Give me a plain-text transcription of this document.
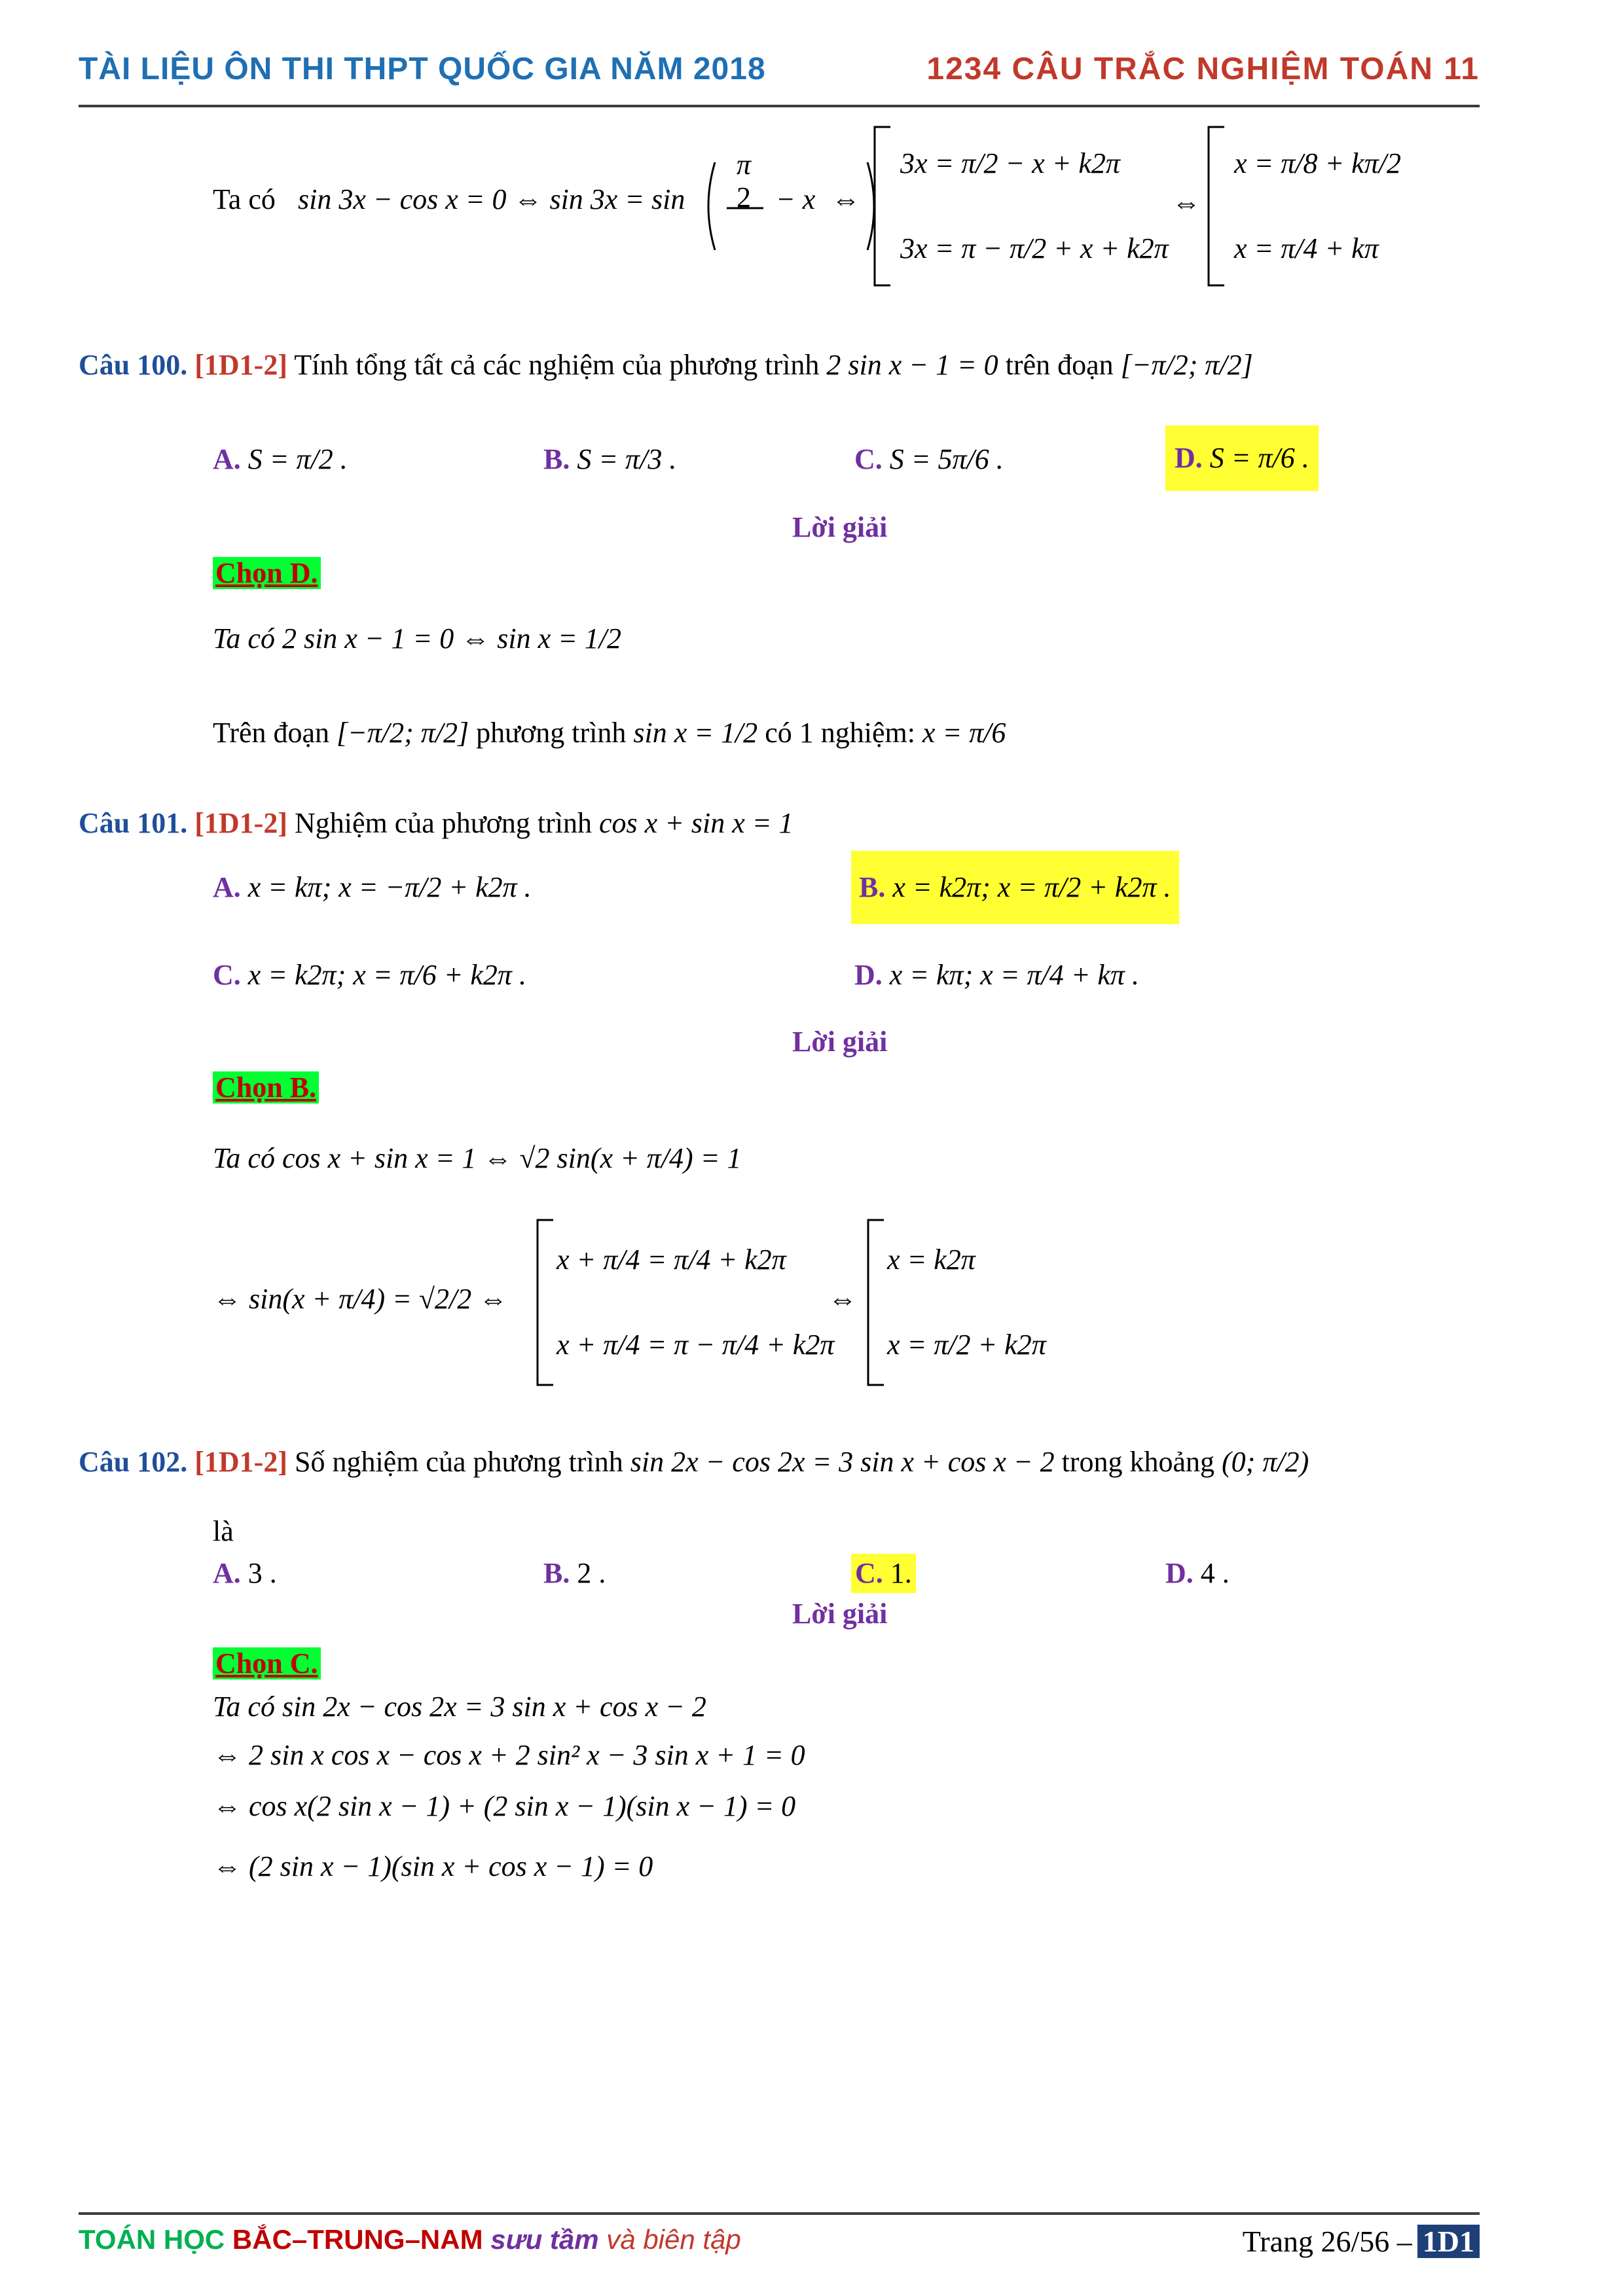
TÀI LIỆU ÔN THI THPT QUỐC GIA NĂM 2018	1234 CÂU TRẮC NGHIỆM TOÁN 11
Ta có sin 3x − cos x = 0 ⇔ sin 3x = sin
π
2 − x ⇔
3x = π/2 − x + k2π
3x = π − π/2 + x + k2π
⇔
x = π/8 + kπ/2
x = π/4 + kπ
Câu 100. [1D1-2] Tính tổng tất cả các nghiệm của phương trình 2 sin x − 1 = 0 trên đoạn [−π/2; π/2]
A. S = π/2 .	B. S = π/3 .	C. S = 5π/6 .	D. S = π/6 .
Lời giải
Chọn D.
Ta có 2 sin x − 1 = 0 ⇔ sin x = 1/2
Trên đoạn [−π/2; π/2] phương trình sin x = 1/2 có 1 nghiệm: x = π/6
Câu 101. [1D1-2] Nghiệm của phương trình cos x + sin x = 1
A. x = kπ; x = −π/2 + k2π .	B. x = k2π; x = π/2 + k2π .
C. x = k2π; x = π/6 + k2π .	D. x = kπ; x = π/4 + kπ .
Lời giải
Chọn B.
Ta có cos x + sin x = 1 ⇔ √2 sin(x + π/4) = 1
⇔ sin(x + π/4) = √2/2 ⇔
x + π/4 = π/4 + k2π
x + π/4 = π − π/4 + k2π
⇔
x = k2π
x = π/2 + k2π
Câu 102. [1D1-2] Số nghiệm của phương trình sin 2x − cos 2x = 3 sin x + cos x − 2 trong khoảng (0; π/2)
là
A. 3 .	B. 2 .	C. 1.	D. 4 .
Lời giải
Chọn C.
Ta có sin 2x − cos 2x = 3 sin x + cos x − 2
⇔ 2 sin x cos x − cos x + 2 sin² x − 3 sin x + 1 = 0
⇔ cos x(2 sin x − 1) + (2 sin x − 1)(sin x − 1) = 0
⇔ (2 sin x − 1)(sin x + cos x − 1) = 0
TOÁN HỌC BẮC–TRUNG–NAM sưu tầm và biên tập	Trang 26/56 – 1D1
